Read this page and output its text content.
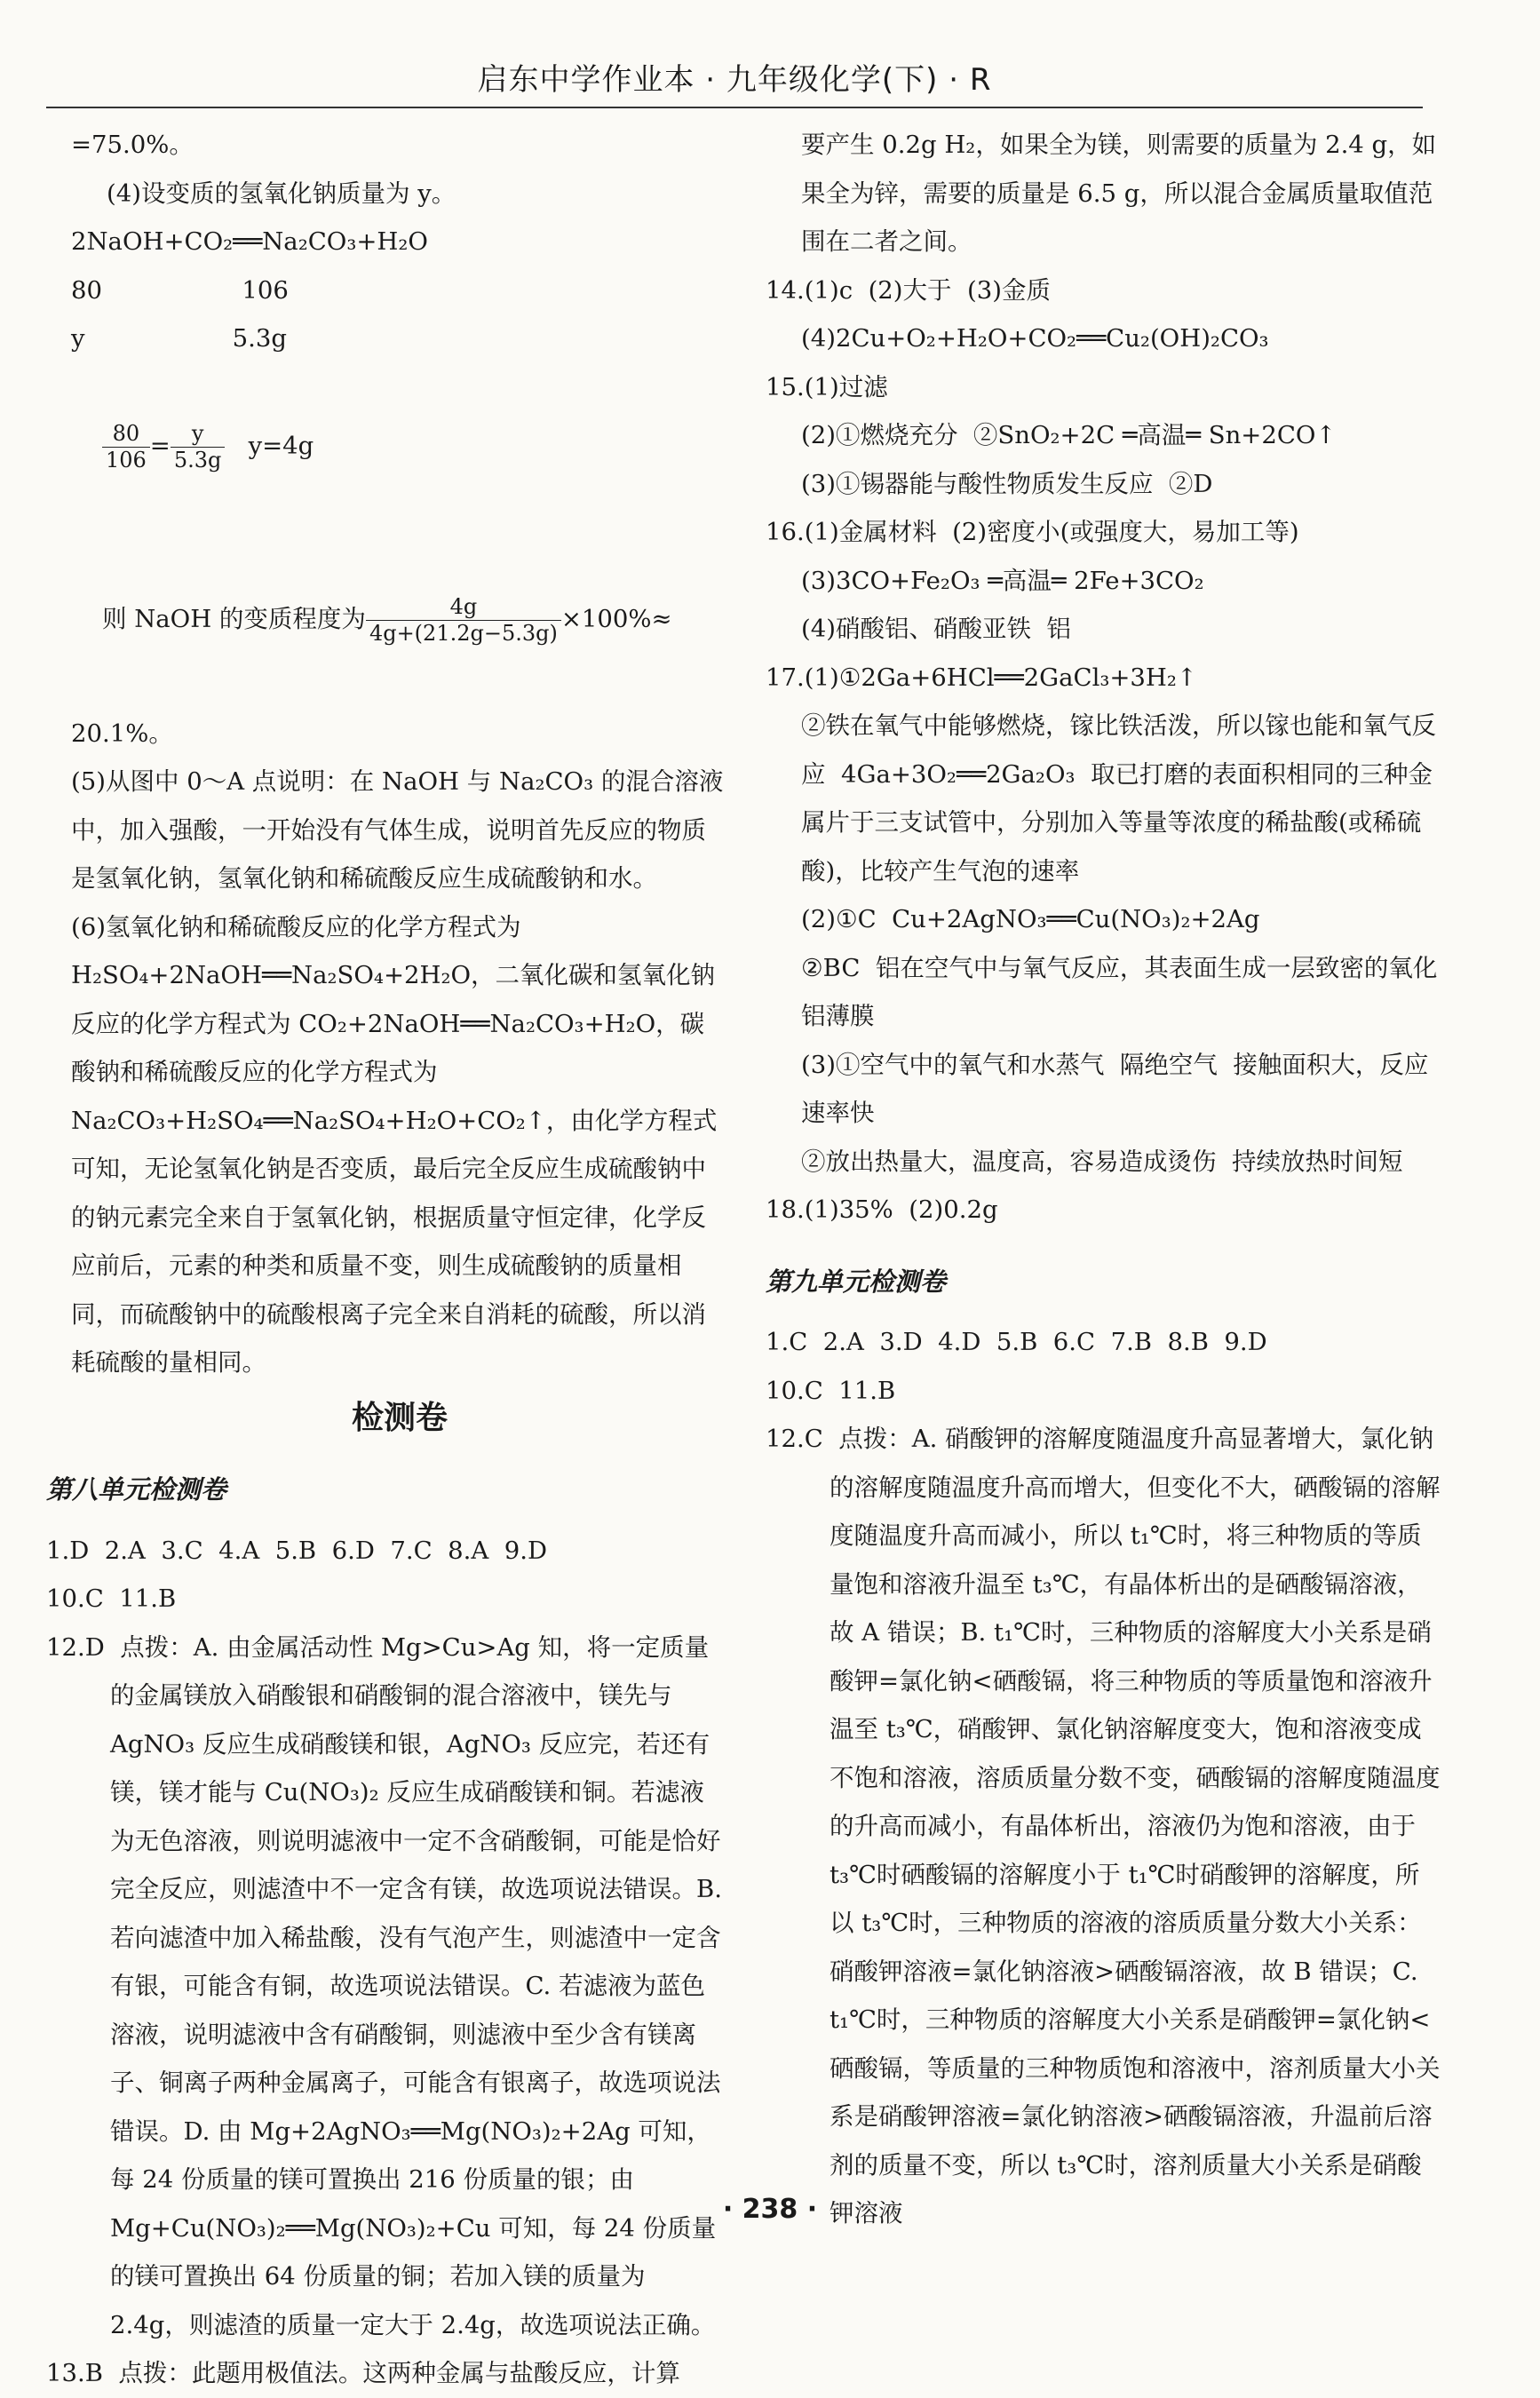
启东中学作业本 · 九年级化学(下) · R

=75.0%。

(4)设变质的氢氧化钠质量为 y。

2NaOH+CO₂══Na₂CO₃+H₂O

80                  106

y                   5.3g

$\frac{80}{106} = \frac{y}{5.3g} y=4g$

则 NaOH 的变质程度为 $\frac{4g}{4g+(21.2g-5.3g)} \times 100\%\approx$

20.1%。

(5)从图中 0～A 点说明：在 NaOH 与 Na₂CO₃ 的混合溶液中，加入强酸，一开始没有气体生成，说明首先反应的物质是氢氧化钠，氢氧化钠和稀硫酸反应生成硫酸钠和水。

(6)氢氧化钠和稀硫酸反应的化学方程式为 H₂SO₄+2NaOH══Na₂SO₄+2H₂O，二氧化碳和氢氧化钠反应的化学方程式为 CO₂+2NaOH══Na₂CO₃+H₂O，碳酸钠和稀硫酸反应的化学方程式为 Na₂CO₃+H₂SO₄══Na₂SO₄+H₂O+CO₂↑，由化学方程式可知，无论氢氧化钠是否变质，最后完全反应生成硫酸钠中的钠元素完全来自于氢氧化钠，根据质量守恒定律，化学反应前后，元素的种类和质量不变，则生成硫酸钠的质量相同，而硫酸钠中的硫酸根离子完全来自消耗的硫酸，所以消耗硫酸的量相同。

检测卷

第八单元检测卷

1.D  2.A  3.C  4.A  5.B  6.D  7.C  8.A  9.D

10.C  11.B

12.D  点拨：A. 由金属活动性 Mg>Cu>Ag 知，将一定质量的金属镁放入硝酸银和硝酸铜的混合溶液中，镁先与 AgNO₃ 反应生成硝酸镁和银，AgNO₃ 反应完，若还有镁，镁才能与 Cu(NO₃)₂ 反应生成硝酸镁和铜。若滤液为无色溶液，则说明滤液中一定不含硝酸铜，可能是恰好完全反应，则滤渣中不一定含有镁，故选项说法错误。B. 若向滤渣中加入稀盐酸，没有气泡产生，则滤渣中一定含有银，可能含有铜，故选项说法错误。C. 若滤液为蓝色溶液，说明滤液中含有硝酸铜，则滤液中至少含有镁离子、铜离子两种金属离子，可能含有银离子，故选项说法错误。D. 由 Mg+2AgNO₃══Mg(NO₃)₂+2Ag 可知，每 24 份质量的镁可置换出 216 份质量的银；由 Mg+Cu(NO₃)₂══Mg(NO₃)₂+Cu 可知，每 24 份质量的镁可置换出 64 份质量的铜；若加入镁的质量为 2.4g，则滤渣的质量一定大于 2.4g，故选项说法正确。

13.B  点拨：此题用极值法。这两种金属与盐酸反应，计算

要产生 0.2g H₂，如果全为镁，则需要的质量为 2.4 g，如果全为锌，需要的质量是 6.5 g，所以混合金属质量取值范围在二者之间。

14.(1)c  (2)大于  (3)金质

(4)2Cu+O₂+H₂O+CO₂══Cu₂(OH)₂CO₃

15.(1)过滤

(2)①燃烧充分  ②SnO₂+2C ═高温═ Sn+2CO↑

(3)①锡器能与酸性物质发生反应  ②D

16.(1)金属材料  (2)密度小(或强度大，易加工等)

(3)3CO+Fe₂O₃ ═高温═ 2Fe+3CO₂

(4)硝酸铝、硝酸亚铁  铝

17.(1)①2Ga+6HCl══2GaCl₃+3H₂↑

②铁在氧气中能够燃烧，镓比铁活泼，所以镓也能和氧气反应  4Ga+3O₂══2Ga₂O₃  取已打磨的表面积相同的三种金属片于三支试管中，分别加入等量等浓度的稀盐酸(或稀硫酸)，比较产生气泡的速率

(2)①C  Cu+2AgNO₃══Cu(NO₃)₂+2Ag

②BC  铝在空气中与氧气反应，其表面生成一层致密的氧化铝薄膜

(3)①空气中的氧气和水蒸气  隔绝空气  接触面积大，反应速率快

②放出热量大，温度高，容易造成烫伤  持续放热时间短

18.(1)35%  (2)0.2g

第九单元检测卷

1.C  2.A  3.D  4.D  5.B  6.C  7.B  8.B  9.D

10.C  11.B

12.C  点拨：A. 硝酸钾的溶解度随温度升高显著增大，氯化钠的溶解度随温度升高而增大，但变化不大，硒酸镉的溶解度随温度升高而减小，所以 t₁℃时，将三种物质的等质量饱和溶液升温至 t₃℃，有晶体析出的是硒酸镉溶液，故 A 错误；B. t₁℃时，三种物质的溶解度大小关系是硝酸钾=氯化钠<硒酸镉，将三种物质的等质量饱和溶液升温至 t₃℃，硝酸钾、氯化钠溶解度变大，饱和溶液变成不饱和溶液，溶质质量分数不变，硒酸镉的溶解度随温度的升高而减小，有晶体析出，溶液仍为饱和溶液，由于 t₃℃时硒酸镉的溶解度小于 t₁℃时硝酸钾的溶解度，所以 t₃℃时，三种物质的溶液的溶质质量分数大小关系：硝酸钾溶液=氯化钠溶液>硒酸镉溶液，故 B 错误；C. t₁℃时，三种物质的溶解度大小关系是硝酸钾=氯化钠<硒酸镉，等质量的三种物质饱和溶液中，溶剂质量大小关系是硝酸钾溶液=氯化钠溶液>硒酸镉溶液，升温前后溶剂的质量不变，所以 t₃℃时，溶剂质量大小关系是硝酸钾溶液

· 238 ·
